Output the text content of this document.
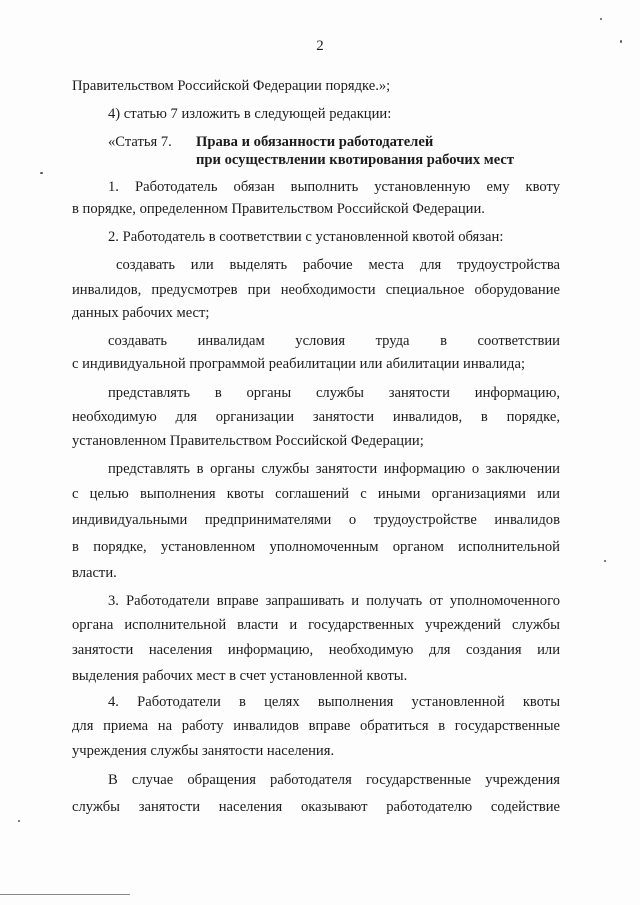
2
Правительством Российской Федерации порядке.»;
4) статью 7 изложить в следующей редакции:
«Статья 7. Права и обязанности работодателей
при осуществлении квотирования рабочих мест
1. Работодатель обязан выполнить установленную ему квоту
в порядке, определенном Правительством Российской Федерации.
2. Работодатель в соответствии с установленной квотой обязан:
создавать или выделять рабочие места для трудоустройства
инвалидов, предусмотрев при необходимости специальное оборудование
данных рабочих мест;
создавать инвалидам условия труда в соответствии
с индивидуальной программой реабилитации или абилитации инвалида;
представлять в органы службы занятости информацию,
необходимую для организации занятости инвалидов, в порядке,
установленном Правительством Российской Федерации;
представлять в органы службы занятости информацию о заключении
с целью выполнения квоты соглашений с иными организациями или
индивидуальными предпринимателями о трудоустройстве инвалидов
в порядке, установленном уполномоченным органом исполнительной
власти.
3. Работодатели вправе запрашивать и получать от уполномоченного
органа исполнительной власти и государственных учреждений службы
занятости населения информацию, необходимую для создания или
выделения рабочих мест в счет установленной квоты.
4. Работодатели в целях выполнения установленной квоты
для приема на работу инвалидов вправе обратиться в государственные
учреждения службы занятости населения.
В случае обращения работодателя государственные учреждения
службы занятости населения оказывают работодателю содействие
